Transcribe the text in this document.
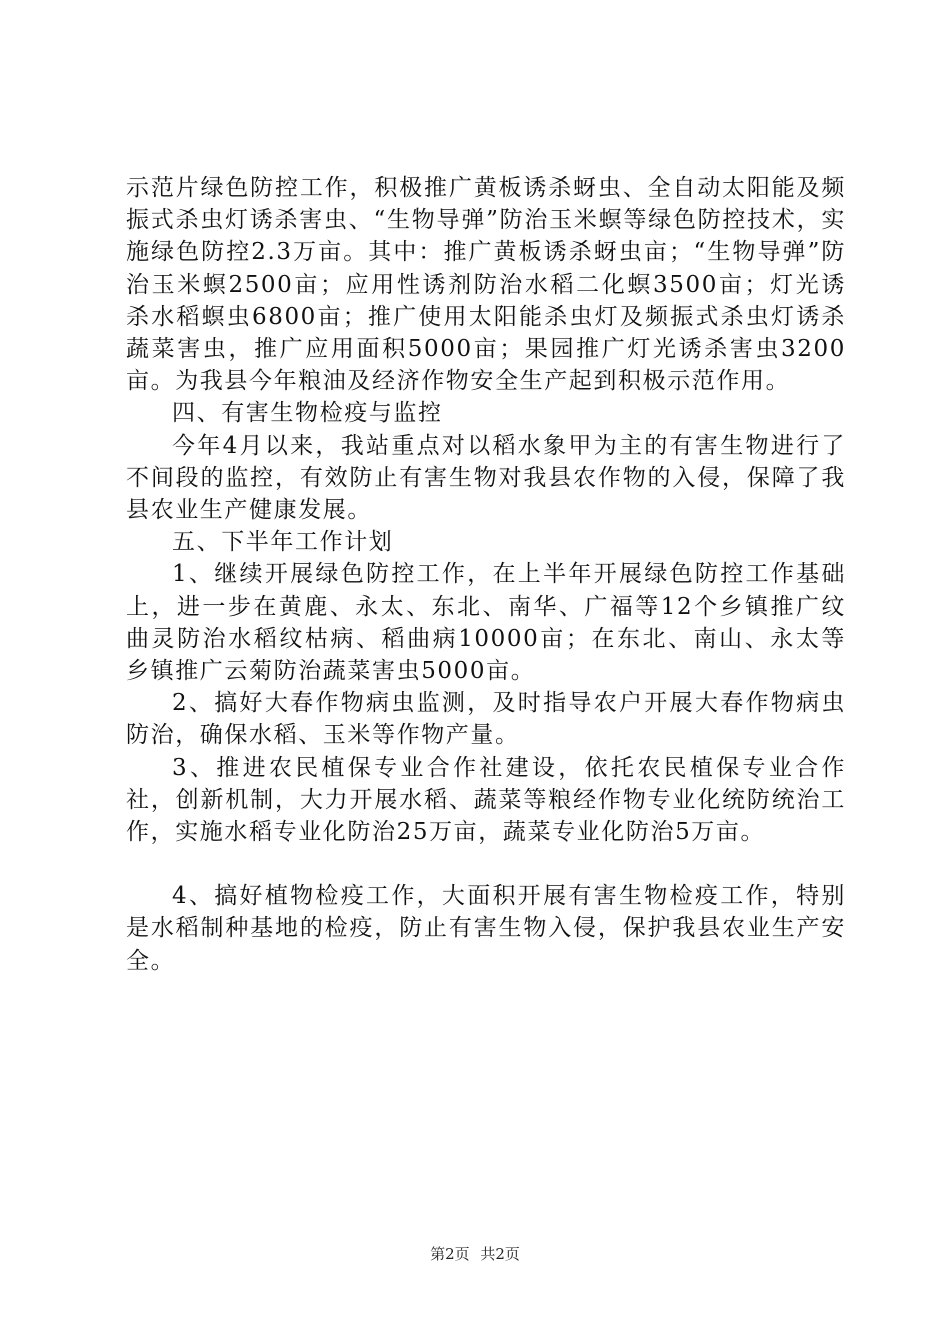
示范片绿色防控工作，积极推广黄板诱杀蚜虫、全自动太阳能及频振式杀虫灯诱杀害虫、“生物导弹”防治玉米螟等绿色防控技术，实施绿色防控2.3万亩。其中：推广黄板诱杀蚜虫亩；“生物导弹”防治玉米螟2500亩；应用性诱剂防治水稻二化螟3500亩；灯光诱杀水稻螟虫6800亩；推广使用太阳能杀虫灯及频振式杀虫灯诱杀蔬菜害虫，推广应用面积5000亩；果园推广灯光诱杀害虫3200亩。为我县今年粮油及经济作物安全生产起到积极示范作用。

四、有害生物检疫与监控

今年4月以来，我站重点对以稻水象甲为主的有害生物进行了不间段的监控，有效防止有害生物对我县农作物的入侵，保障了我县农业生产健康发展。

五、下半年工作计划

1、继续开展绿色防控工作，在上半年开展绿色防控工作基础上，进一步在黄鹿、永太、东北、南华、广福等12个乡镇推广纹曲灵防治水稻纹枯病、稻曲病10000亩；在东北、南山、永太等乡镇推广云菊防治蔬菜害虫5000亩。

2、搞好大春作物病虫监测，及时指导农户开展大春作物病虫防治，确保水稻、玉米等作物产量。

3、推进农民植保专业合作社建设，依托农民植保专业合作社，创新机制，大力开展水稻、蔬菜等粮经作物专业化统防统治工作，实施水稻专业化防治25万亩，蔬菜专业化防治5万亩。

4、搞好植物检疫工作，大面积开展有害生物检疫工作，特别是水稻制种基地的检疫，防止有害生物入侵，保护我县农业生产安全。

第2页 共2页
